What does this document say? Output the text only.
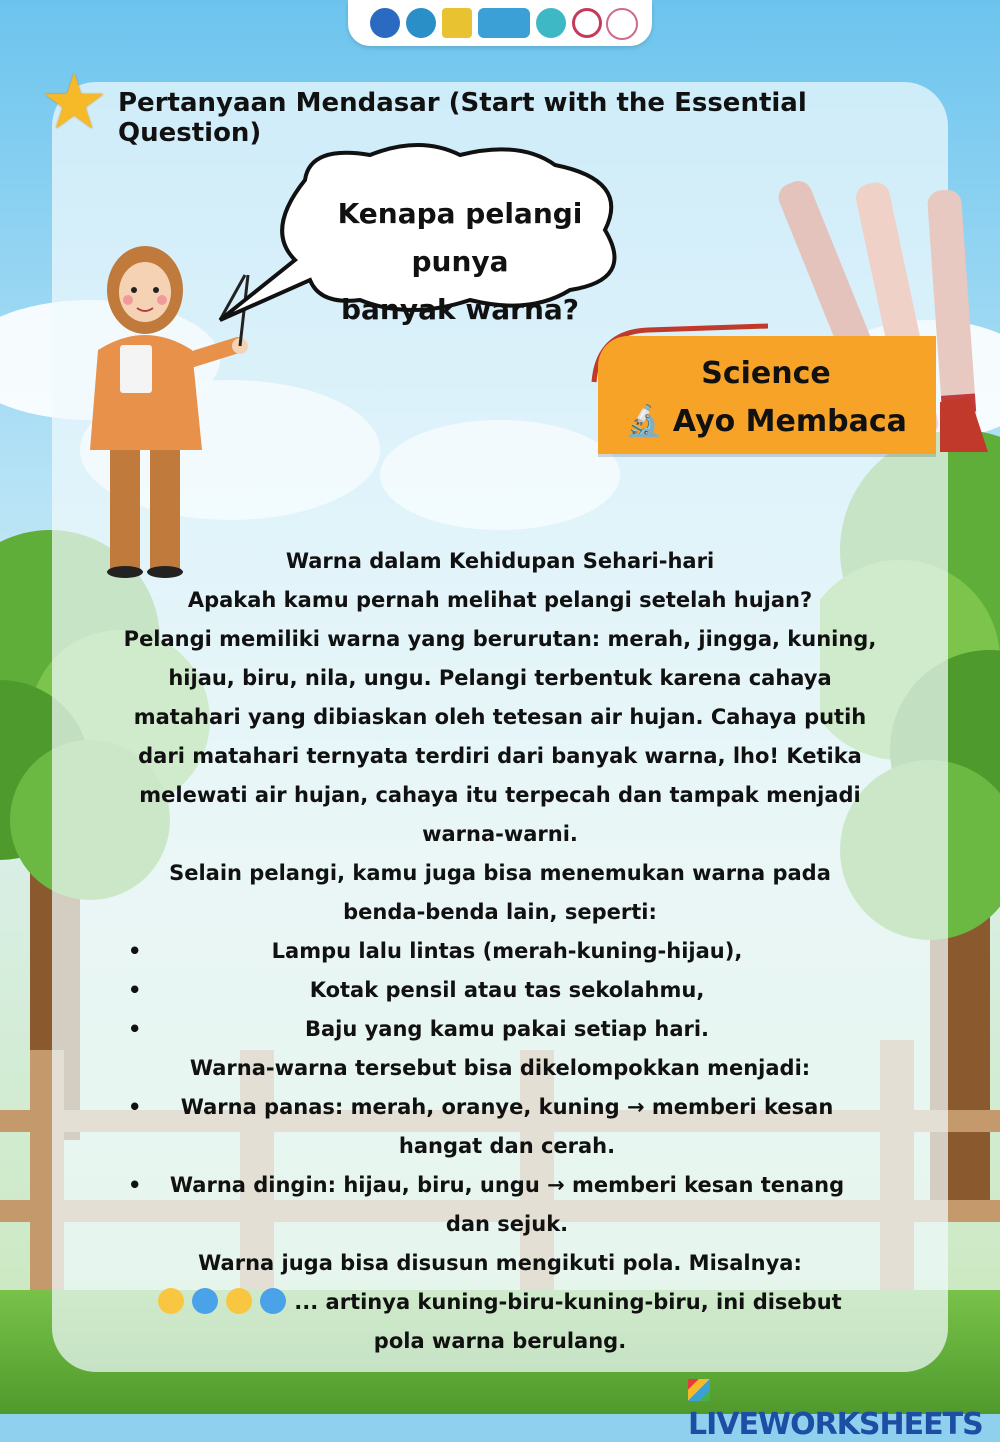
★ Pertanyaan Mendasar (Start with the Essential Question)
Kenapa pelangi punya
banyak warna?
Science
🔬 Ayo Membaca

Warna dalam Kehidupan Sehari-hari

Apakah kamu pernah melihat pelangi setelah hujan?

Pelangi memiliki warna yang berurutan: merah, jingga, kuning, hijau, biru, nila, ungu. Pelangi terbentuk karena cahaya matahari yang dibiaskan oleh tetesan air hujan. Cahaya putih dari matahari ternyata terdiri dari banyak warna, lho! Ketika melewati air hujan, cahaya itu terpecah dan tampak menjadi warna-warni.

Selain pelangi, kamu juga bisa menemukan warna pada benda-benda lain, seperti:

•	Lampu lalu lintas (merah-kuning-hijau),
•	Kotak pensil atau tas sekolahmu,
•	Baju yang kamu pakai setiap hari.

Warna-warna tersebut bisa dikelompokkan menjadi:

• Warna panas: merah, oranye, kuning → memberi kesan hangat dan cerah.
• Warna dingin: hijau, biru, ungu → memberi kesan tenang dan sejuk.

Warna juga bisa disusun mengikuti pola. Misalnya:

... artinya kuning-biru-kuning-biru, ini disebut pola warna berulang.

LIVEWORKSHEETS
